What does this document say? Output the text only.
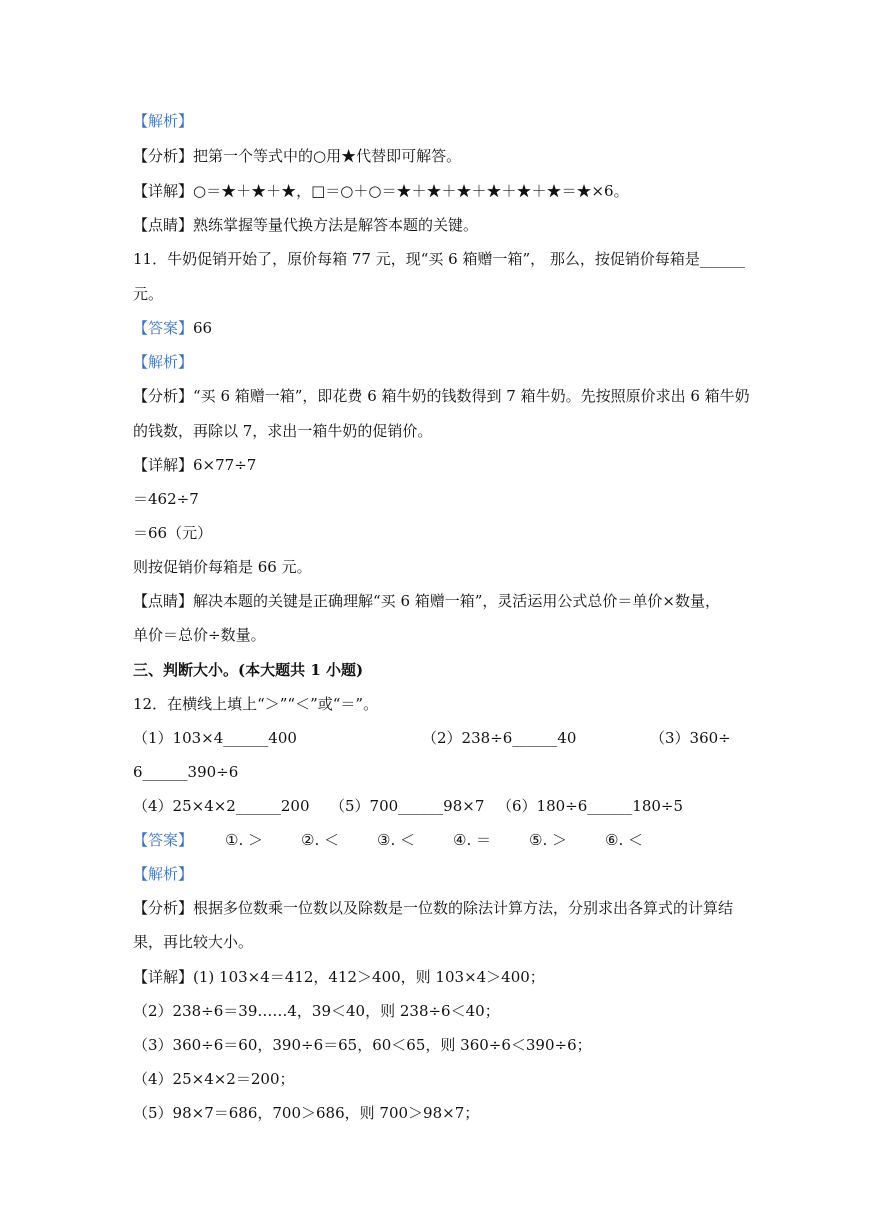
【解析】
【分析】把第一个等式中的○用★代替即可解答。
【详解】○＝★＋★＋★，□＝○＋○＝★＋★＋★＋★＋★＋★＝★×6。
【点睛】熟练掌握等量代换方法是解答本题的关键。
11．牛奶促销开始了，原价每箱 77 元，现“买 6 箱赠一箱”， 那么，按促销价每箱是______
元。
【答案】66
【解析】
【分析】“买 6 箱赠一箱”，即花费 6 箱牛奶的钱数得到 7 箱牛奶。先按照原价求出 6 箱牛奶
的钱数，再除以 7，求出一箱牛奶的促销价。
【详解】6×77÷7
＝462÷7
＝66（元）
则按促销价每箱是 66 元。
【点睛】解决本题的关键是正确理解“买 6 箱赠一箱”，灵活运用公式总价＝单价×数量，
单价＝总价÷数量。
三、判断大小。(本大题共 1 小题)
12．在横线上填上“＞”“＜”或“＝”。
（1）103×4______400	（2）238÷6______40	（3）360÷
6______390÷6
（4）25×4×2______200 （5）700______98×7 （6）180÷6______180÷5
【答案】 ①. ＞	②. ＜	③. ＜	④. ＝	⑤. ＞	⑥. ＜
【解析】
【分析】根据多位数乘一位数以及除数是一位数的除法计算方法，分别求出各算式的计算结
果，再比较大小。
【详解】(1) 103×4＝412，412＞400，则 103×4＞400；
（2）238÷6＝39……4，39＜40，则 238÷6＜40；
（3）360÷6＝60，390÷6＝65，60＜65，则 360÷6＜390÷6；
（4）25×4×2＝200；
（5）98×7＝686，700＞686，则 700＞98×7；
